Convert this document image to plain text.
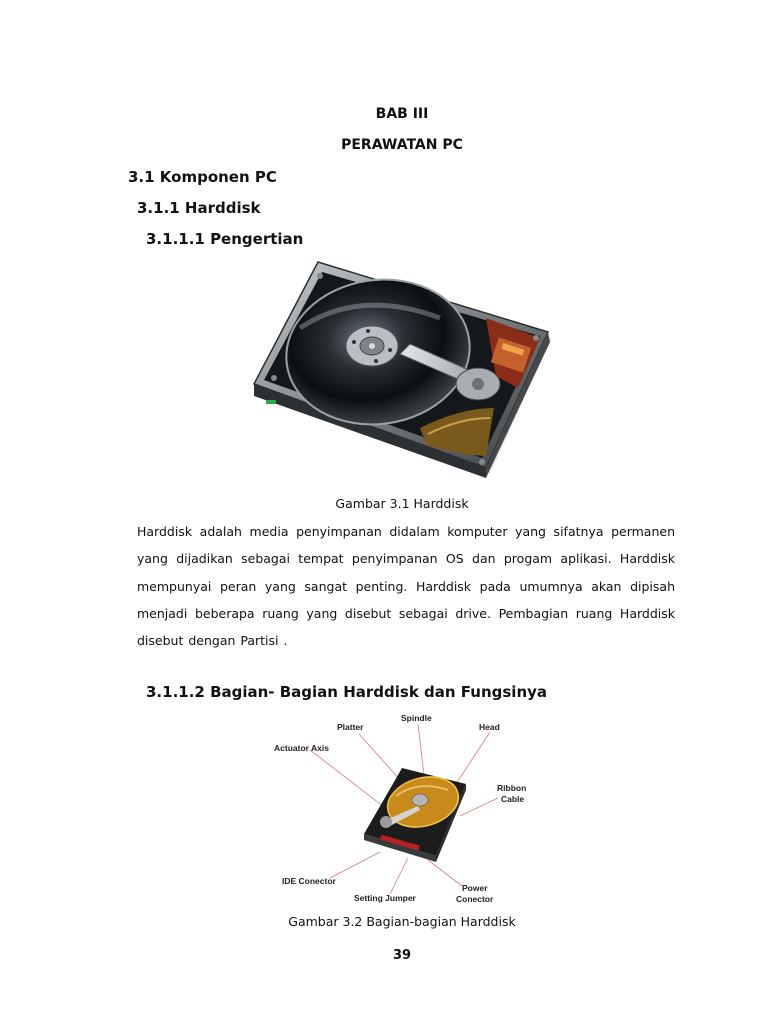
BAB III
PERAWATAN PC
3.1 Komponen PC
3.1.1 Harddisk
3.1.1.1 Pengertian
Gambar 3.1 Harddisk
Harddisk adalah media penyimpanan didalam komputer yang sifatnya permanen yang dijadikan sebagai tempat penyimpanan OS dan progam aplikasi. Harddisk mempunyai peran yang sangat penting. Harddisk pada umumnya akan dipisah menjadi beberapa ruang yang disebut sebagai drive. Pembagian ruang Harddisk disebut dengan Partisi .
3.1.1.2 Bagian- Bagian Harddisk dan Fungsinya
Spindle
Platter	Head
Actuator Axis
Ribbon
Cable
IDE Conector
Setting Jumper
Power
Conector
Gambar 3.2 Bagian-bagian Harddisk
39
